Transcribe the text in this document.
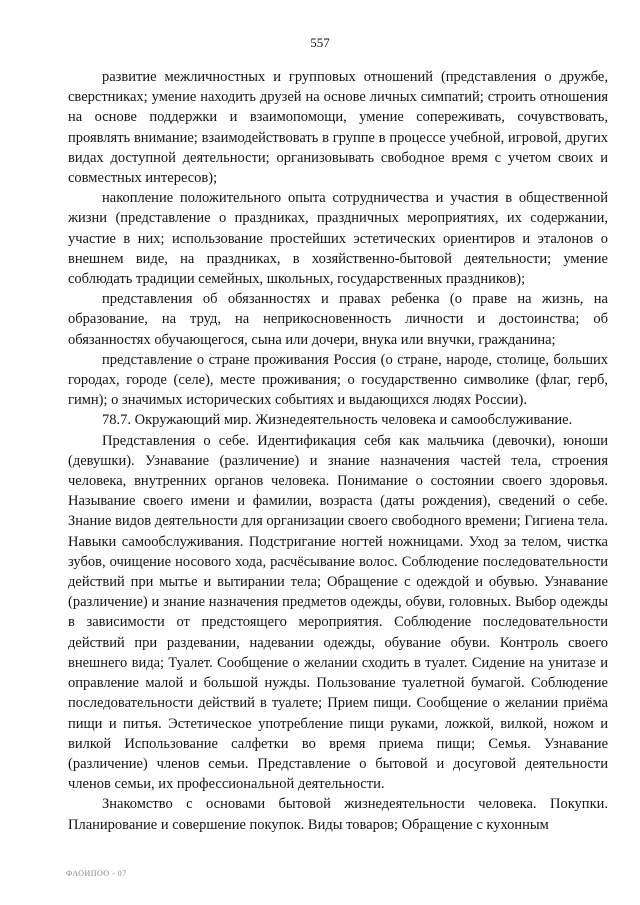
557

развитие межличностных и групповых отношений (представления о дружбе, сверстниках; умение находить друзей на основе личных симпатий; строить отношения на основе поддержки и взаимопомощи, умение сопереживать, сочувствовать, проявлять внимание; взаимодействовать в группе в процессе учебной, игровой, других видах доступной деятельности; организовывать свободное время с учетом своих и совместных интересов);

накопление положительного опыта сотрудничества и участия в общественной жизни (представление о праздниках, праздничных мероприятиях, их содержании, участие в них; использование простейших эстетических ориентиров и эталонов о внешнем виде, на праздниках, в хозяйственно-бытовой деятельности; умение соблюдать традиции семейных, школьных, государственных праздников);

представления об обязанностях и правах ребенка (о праве на жизнь, на образование, на труд, на неприкосновенность личности и достоинства; об обязанностях обучающегося, сына или дочери, внука или внучки, гражданина;

представление о стране проживания Россия (о стране, народе, столице, больших городах, городе (селе), месте проживания; о государственно символике (флаг, герб, гимн); о значимых исторических событиях и выдающихся людях России).

78.7. Окружающий мир. Жизнедеятельность человека и самообслуживание.

Представления о себе. Идентификация себя как мальчика (девочки), юноши (девушки). Узнавание (различение) и знание назначения частей тела, строения человека, внутренних органов человека. Понимание о состоянии своего здоровья. Называние своего имени и фамилии, возраста (даты рождения), сведений о себе. Знание видов деятельности для организации своего свободного времени; Гигиена тела. Навыки самообслуживания. Подстригание ногтей ножницами. Уход за телом, чистка зубов, очищение носового хода, расчёсывание волос. Соблюдение последовательности действий при мытье и вытирании тела; Обращение с одеждой и обувью. Узнавание (различение) и знание назначения предметов одежды, обуви, головных. Выбор одежды в зависимости от предстоящего мероприятия. Соблюдение последовательности действий при раздевании, надевании одежды, обувание обуви. Контроль своего внешнего вида; Туалет. Сообщение о желании сходить в туалет. Сидение на унитазе и оправление малой и большой нужды. Пользование туалетной бумагой. Соблюдение последовательности действий в туалете; Прием пищи. Сообщение о желании приёма пищи и питья. Эстетическое употребление пищи руками, ложкой, вилкой, ножом и вилкой Использование салфетки во время приема пищи; Семья. Узнавание (различение) членов семьи. Представление о бытовой и досуговой деятельности членов семьи, их профессиональной деятельности.

Знакомство с основами бытовой жизнедеятельности человека. Покупки. Планирование и совершение покупок. Виды товаров; Обращение с кухонным

ФАОИПОО - 07
